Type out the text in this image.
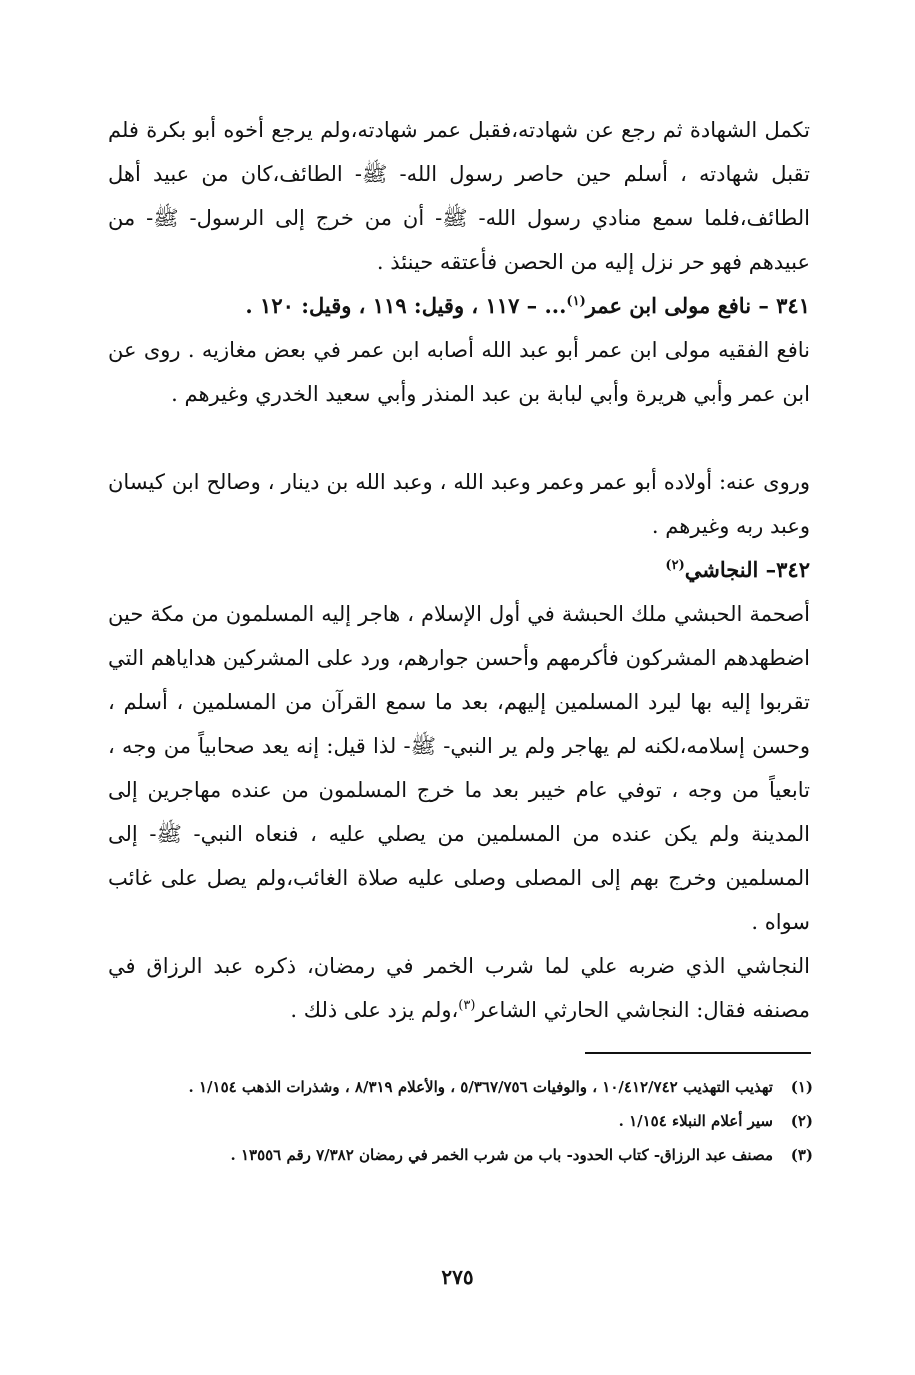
تكمل الشهادة ثم رجع عن شهادته،فقبل عمر شهادته،ولم يرجع أخوه أبو بكرة فلم تقبل شهادته ، أسلم حين حاصر رسول الله- ﷺ- الطائف،كان من عبيد أهل الطائف،فلما سمع منادي رسول الله- ﷺ- أن من خرج إلى الرسول- ﷺ- من عبيدهم فهو حر نزل إليه من الحصن فأعتقه حينئذ .

٣٤١ – نافع مولى ابن عمر$^{(١)}$... – ١١٧ ، وقيل: ١١٩ ، وقيل: ١٢٠ .

نافع الفقيه مولى ابن عمر أبو عبد الله أصابه ابن عمر في بعض مغازيه . روى عن ابن عمر وأبي هريرة وأبي لبابة بن عبد المنذر وأبي سعيد الخدري وغيرهم .

وروى عنه: أولاده أبو عمر وعمر وعبد الله ، وعبد الله بن دينار ، وصالح ابن كيسان وعبد ربه وغيرهم .

٣٤٢– النجاشي$^{(٢)}$

أصحمة الحبشي ملك الحبشة في أول الإسلام ، هاجر إليه المسلمون من مكة حين اضطهدهم المشركون فأكرمهم وأحسن جوارهم، ورد على المشركين هداياهم التي تقربوا إليه بها ليرد المسلمين إليهم، بعد ما سمع القرآن من المسلمين ، أسلم ، وحسن إسلامه،لكنه لم يهاجر ولم ير النبي- ﷺ- لذا قيل: إنه يعد صحابياً من وجه ، تابعياً من وجه ، توفي عام خيبر بعد ما خرج المسلمون من عنده مهاجرين إلى المدينة ولم يكن عنده من المسلمين من يصلي عليه ، فنعاه النبي- ﷺ- إلى المسلمين وخرج بهم إلى المصلى وصلى عليه صلاة الغائب،ولم يصل على غائب سواه .

النجاشي الذي ضربه علي لما شرب الخمر في رمضان، ذكره عبد الرزاق في مصنفه فقال: النجاشي الحارثي الشاعر$^{(٣)}$،ولم يزد على ذلك .

(١)
تهذيب التهذيب ١٠/٤١٢/٧٤٢ ، والوفيات ٥/٣٦٧/٧٥٦ ، والأعلام ٨/٣١٩ ، وشذرات الذهب ١/١٥٤ .
(٢)
سير أعلام النبلاء ١/١٥٤ .
(٣)
مصنف عبد الرزاق- كتاب الحدود- باب من شرب الخمر في رمضان ٧/٣٨٢ رقم ١٣٥٥٦ .
٢٧٥
